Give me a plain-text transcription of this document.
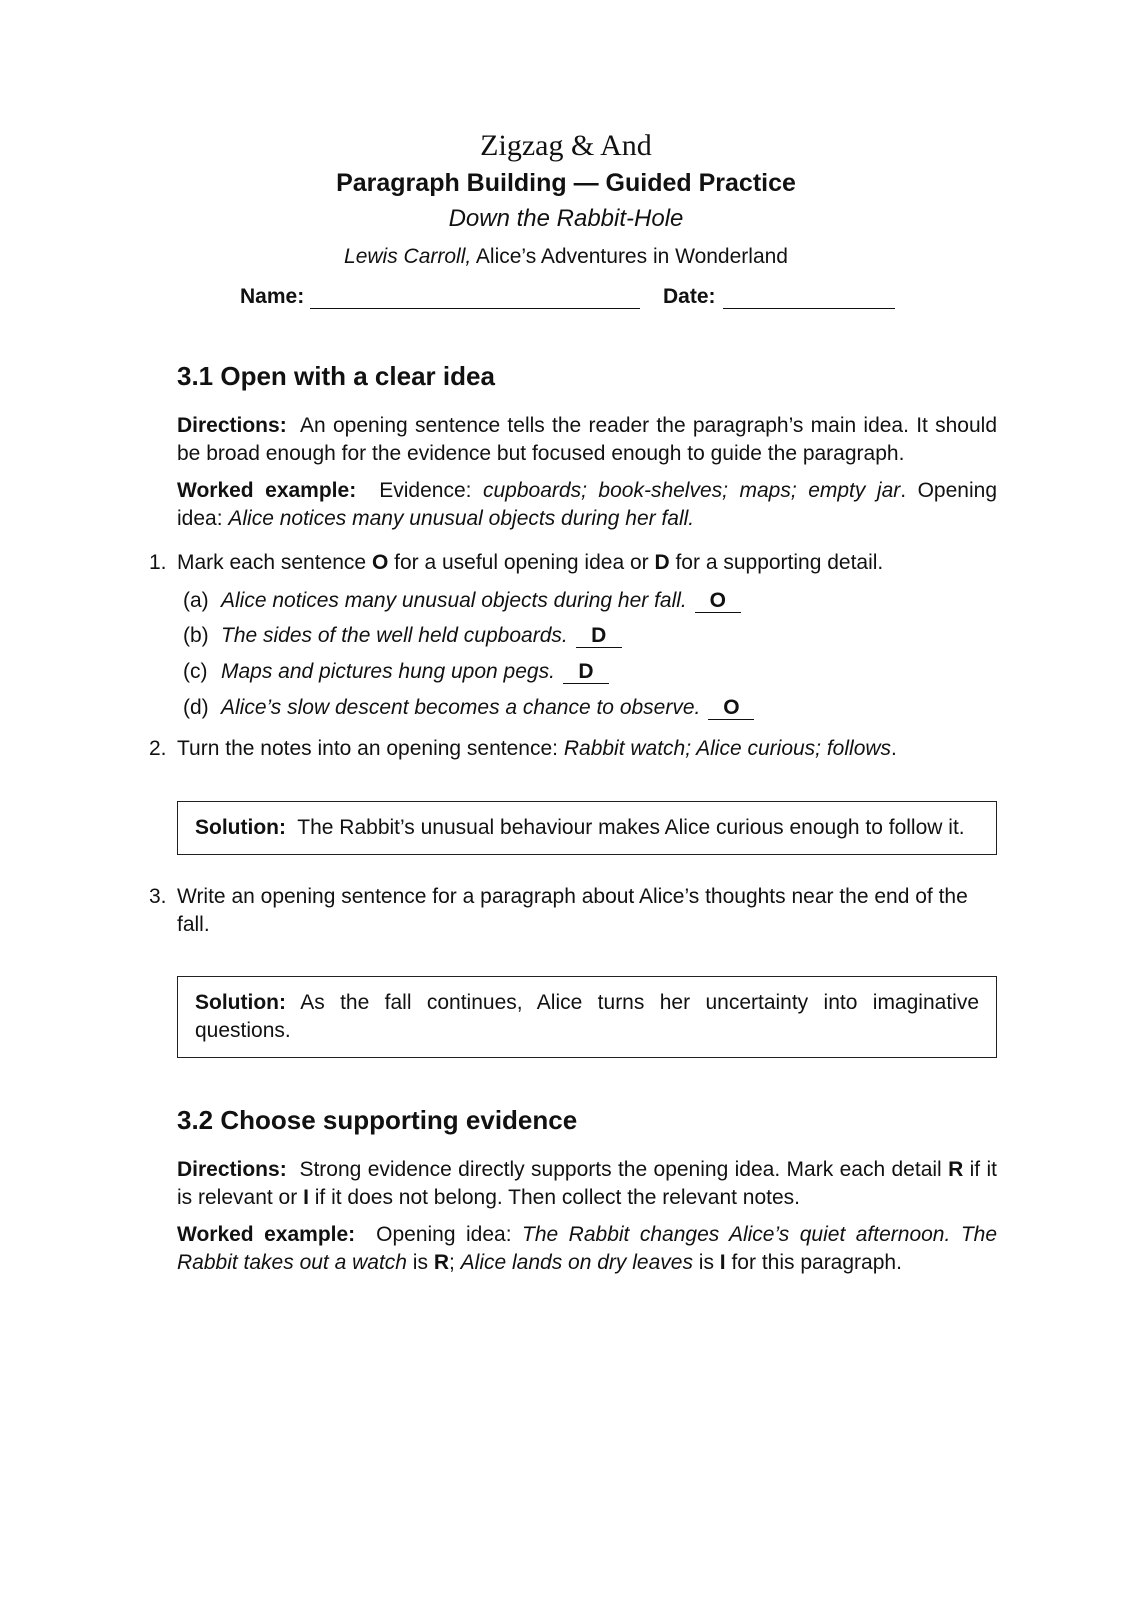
Zigzag & And
Paragraph Building — Guided Practice
Down the Rabbit-Hole
Lewis Carroll, Alice’s Adventures in Wonderland
Name:	Date:
3.1 Open with a clear idea
Directions: An opening sentence tells the reader the paragraph’s main idea. It should be broad enough for the evidence but focused enough to guide the paragraph.
Worked example: Evidence: cupboards; book-shelves; maps; empty jar. Opening idea: Alice notices many unusual objects during her fall.
1. Mark each sentence O for a useful opening idea or D for a supporting detail.
(a) Alice notices many unusual objects during her fall. O
(b) The sides of the well held cupboards. D
(c) Maps and pictures hung upon pegs. D
(d) Alice’s slow descent becomes a chance to observe. O
2. Turn the notes into an opening sentence: Rabbit watch; Alice curious; follows.
Solution: The Rabbit’s unusual behaviour makes Alice curious enough to follow it.
3. Write an opening sentence for a paragraph about Alice’s thoughts near the end of the fall.
Solution: As the fall continues, Alice turns her uncertainty into imaginative questions.
3.2 Choose supporting evidence
Directions: Strong evidence directly supports the opening idea. Mark each detail R if it is relevant or I if it does not belong. Then collect the relevant notes.
Worked example: Opening idea: The Rabbit changes Alice’s quiet afternoon. The Rabbit takes out a watch is R; Alice lands on dry leaves is I for this paragraph.
